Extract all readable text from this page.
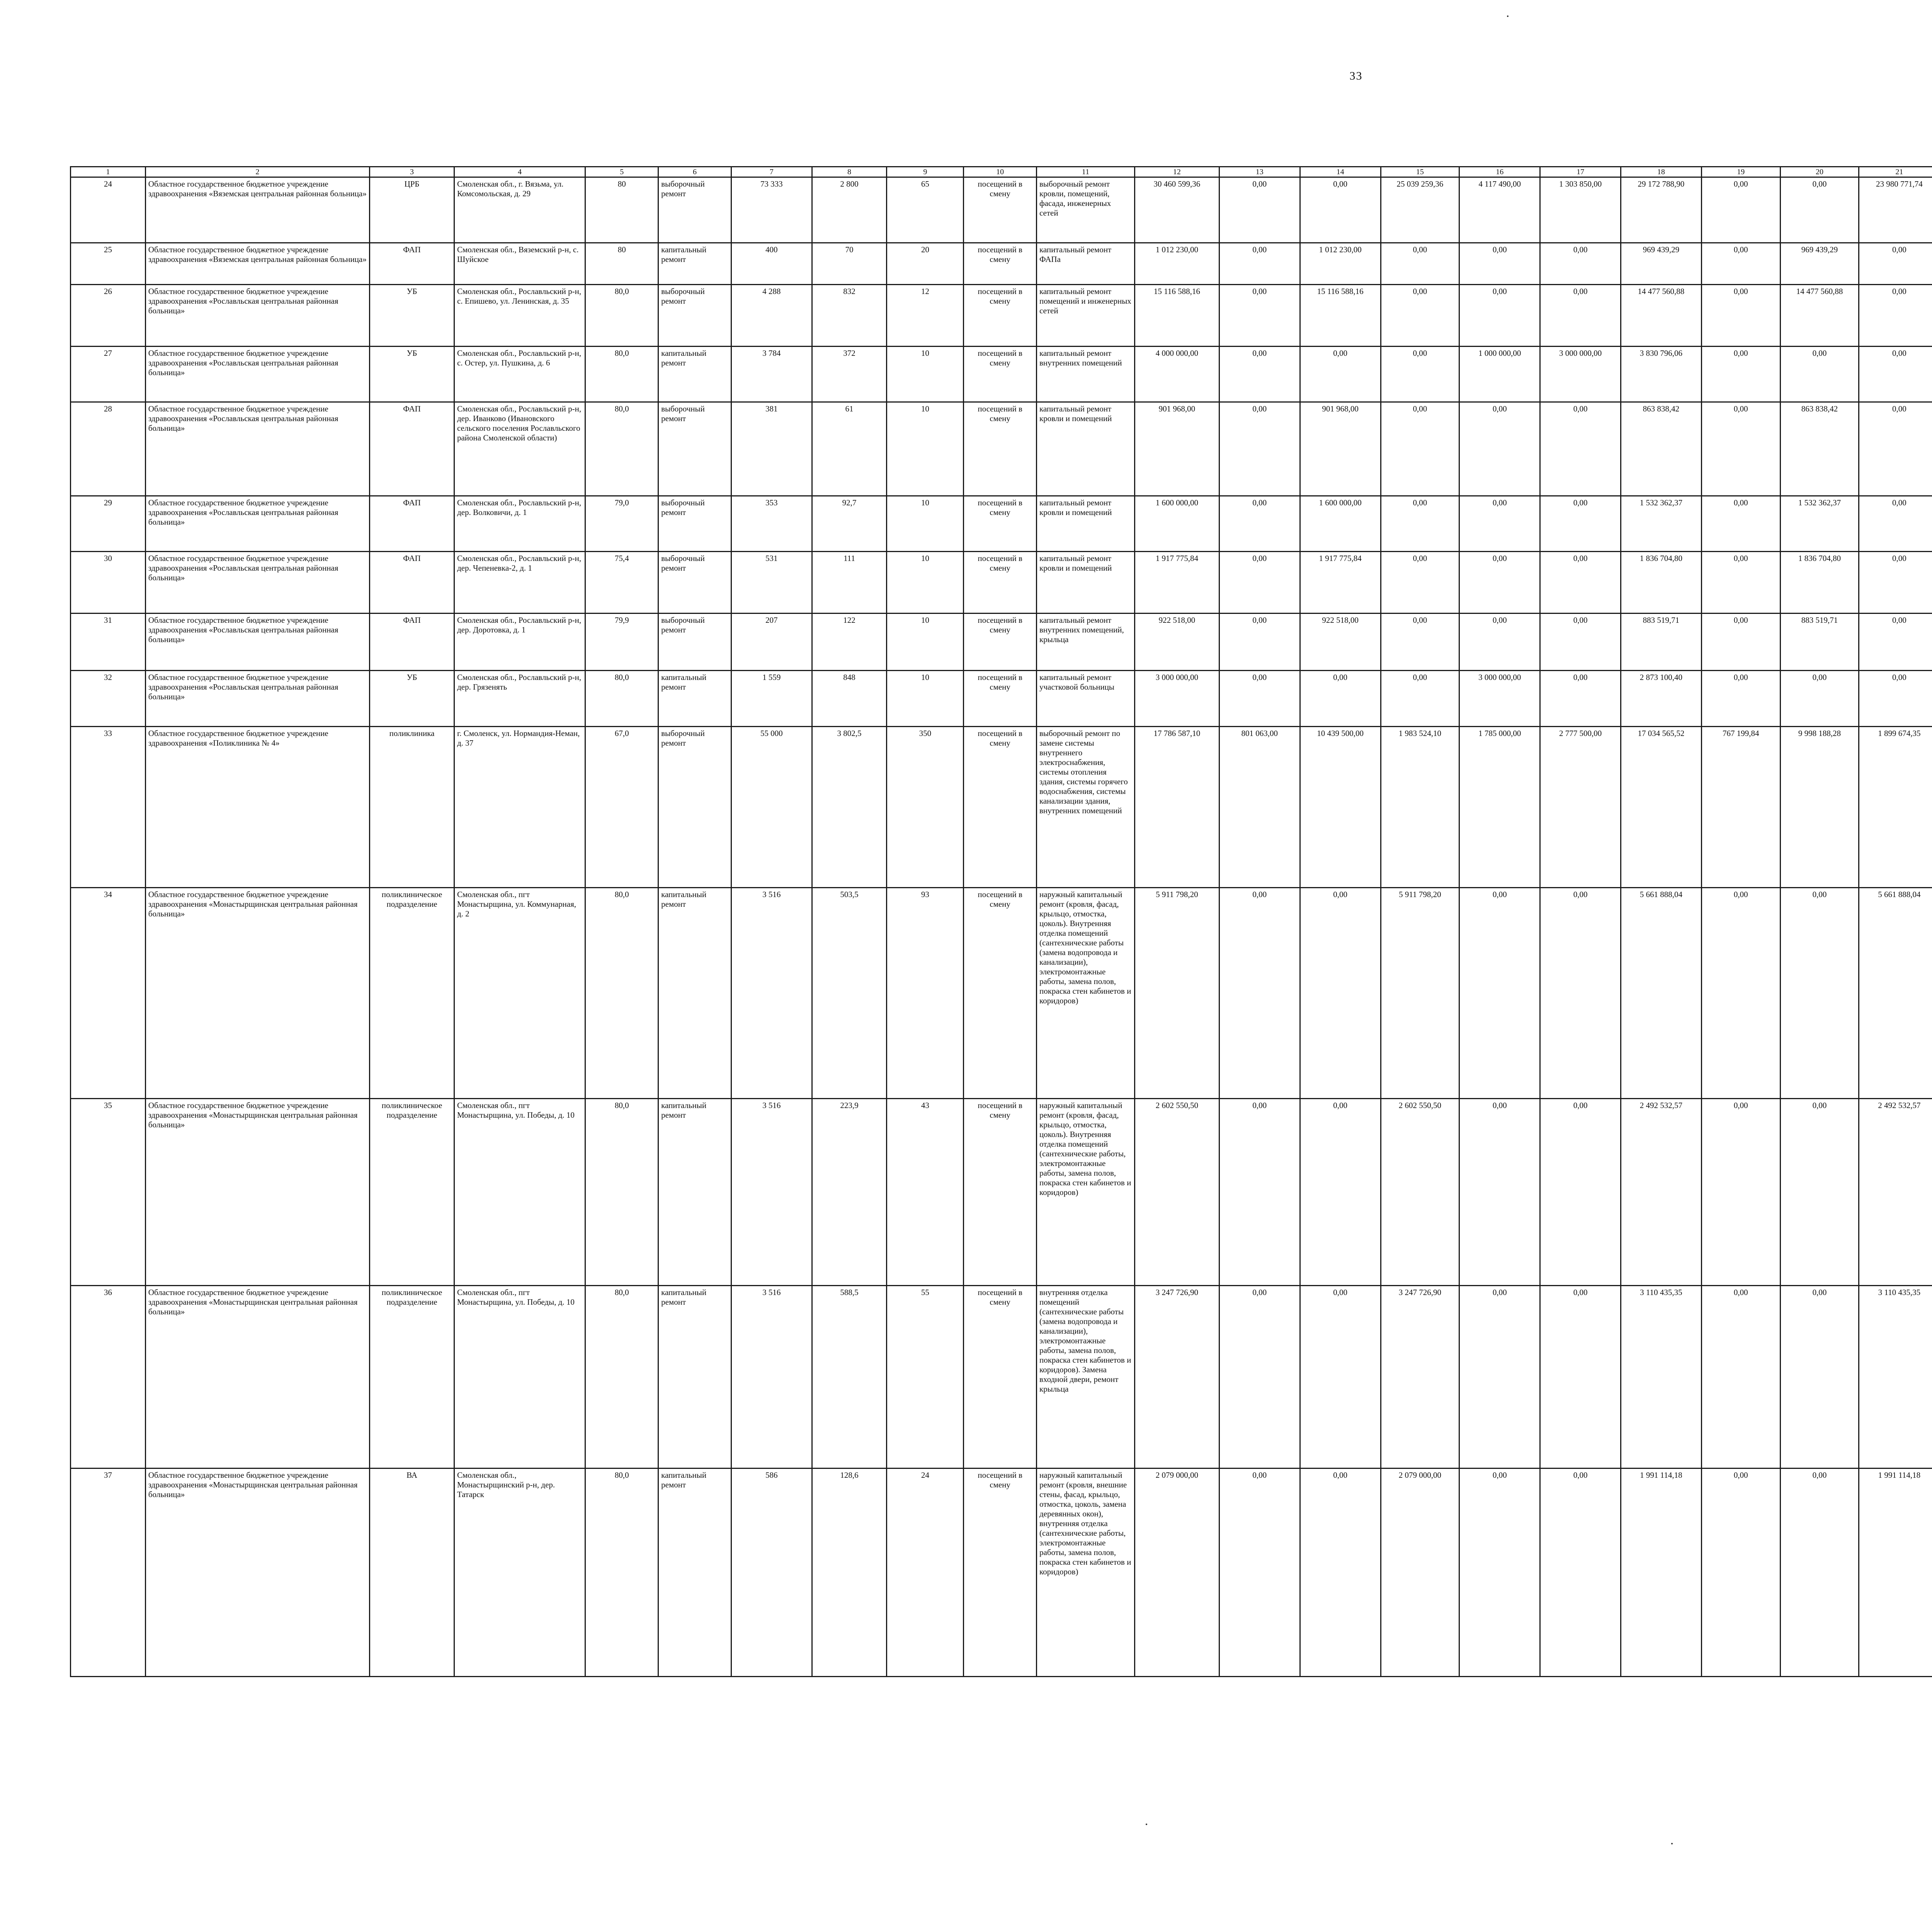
33
1	2	3	4	5	6	7	8	9	10	11	12	13	14	15	16	17	18	19	20	21									
24	Областное государственное бюджетное учреждение здравоохранения «Вяземская центральная районная больница»	ЦРБ	Смоленская обл., г. Вязьма, ул. Комсомольская, д. 29	80	выборочный ремонт	73 333	2 800	65	посещений в смену	выборочный ремонт кровли, помещений, фасада, инженерных сетей	30 460 599,36	0,00	0,00	25 039 259,36	4 117 490,00	1 303 850,00	29 172 788,90	0,00	0,00	23 980 771,74									
25	Областное государственное бюджетное учреждение здравоохранения «Вяземская центральная районная больница»	ФАП	Смоленская обл., Вяземский р-н, с. Шуйское	80	капитальный ремонт	400	70	20	посещений в смену	капитальный ремонт ФАПа	1 012 230,00	0,00	1 012 230,00	0,00	0,00	0,00	969 439,29	0,00	969 439,29	0,00									
26	Областное государственное бюджетное учреждение здравоохранения «Рославльская центральная районная больница»	УБ	Смоленская обл., Рославльский р-н, с. Епишево, ул. Ленинская, д. 35	80,0	выборочный ремонт	4 288	832	12	посещений в смену	капитальный ремонт помещений и инженерных сетей	15 116 588,16	0,00	15 116 588,16	0,00	0,00	0,00	14 477 560,88	0,00	14 477 560,88	0,00									
27	Областное государственное бюджетное учреждение здравоохранения «Рославльская центральная районная больница»	УБ	Смоленская обл., Рославльский р-н, с. Остер, ул. Пушкина, д. 6	80,0	капитальный ремонт	3 784	372	10	посещений в смену	капитальный ремонт внутренних помещений	4 000 000,00	0,00	0,00	0,00	1 000 000,00	3 000 000,00	3 830 796,06	0,00	0,00	0,00									
28	Областное государственное бюджетное учреждение здравоохранения «Рославльская центральная районная больница»	ФАП	Смоленская обл., Рославльский р-н, дер. Иванково (Ивановского сельского поселения Рославльского района Смоленской области)	80,0	выборочный ремонт	381	61	10	посещений в смену	капитальный ремонт кровли и помещений	901 968,00	0,00	901 968,00	0,00	0,00	0,00	863 838,42	0,00	863 838,42	0,00									
29	Областное государственное бюджетное учреждение здравоохранения «Рославльская центральная районная больница»	ФАП	Смоленская обл., Рославльский р-н, дер. Волковичи, д. 1	79,0	выборочный ремонт	353	92,7	10	посещений в смену	капитальный ремонт кровли и помещений	1 600 000,00	0,00	1 600 000,00	0,00	0,00	0,00	1 532 362,37	0,00	1 532 362,37	0,00									
30	Областное государственное бюджетное учреждение здравоохранения «Рославльская центральная районная больница»	ФАП	Смоленская обл., Рославльский р-н, дер. Чепеневка-2, д. 1	75,4	выборочный ремонт	531	111	10	посещений в смену	капитальный ремонт кровли и помещений	1 917 775,84	0,00	1 917 775,84	0,00	0,00	0,00	1 836 704,80	0,00	1 836 704,80	0,00									
31	Областное государственное бюджетное учреждение здравоохранения «Рославльская центральная районная больница»	ФАП	Смоленская обл., Рославльский р-н, дер. Доротовка, д. 1	79,9	выборочный ремонт	207	122	10	посещений в смену	капитальный ремонт внутренних помещений, крыльца	922 518,00	0,00	922 518,00	0,00	0,00	0,00	883 519,71	0,00	883 519,71	0,00									
32	Областное государственное бюджетное учреждение здравоохранения «Рославльская центральная районная больница»	УБ	Смоленская обл., Рославльский р-н, дер. Грязенять	80,0	капитальный ремонт	1 559	848	10	посещений в смену	капитальный ремонт участковой больницы	3 000 000,00	0,00	0,00	0,00	3 000 000,00	0,00	2 873 100,40	0,00	0,00	0,00									
33	Областное государственное бюджетное учреждение здравоохранения «Поликлиника № 4»	поликлиника	г. Смоленск, ул. Нормандия-Неман, д. 37	67,0	выборочный ремонт	55 000	3 802,5	350	посещений в смену	выборочный ремонт по замене системы внутреннего электроснабжения, системы отопления здания, системы горячего водоснабжения, системы канализации здания, внутренних помещений	17 786 587,10	801 063,00	10 439 500,00	1 983 524,10	1 785 000,00	2 777 500,00	17 034 565,52	767 199,84	9 998 188,28	1 899 674,35									
34	Областное государственное бюджетное учреждение здравоохранения «Монастырщинская центральная районная больница»	поликлиническое подразделение	Смоленская обл., пгт Монастырщина, ул. Коммунарная, д. 2	80,0	капитальный ремонт	3 516	503,5	93	посещений в смену	наружный капитальный ремонт (кровля, фасад, крыльцо, отмостка, цоколь). Внутренняя отделка помещений (сантехнические работы (замена водопровода и канализации), электромонтажные работы, замена полов, покраска стен кабинетов и коридоров)	5 911 798,20	0,00	0,00	5 911 798,20	0,00	0,00	5 661 888,04	0,00	0,00	5 661 888,04									
35	Областное государственное бюджетное учреждение здравоохранения «Монастырщинская центральная районная больница»	поликлиническое подразделение	Смоленская обл., пгт Монастырщина, ул. Победы, д. 10	80,0	капитальный ремонт	3 516	223,9	43	посещений в смену	наружный капитальный ремонт (кровля, фасад, крыльцо, отмостка, цоколь). Внутренняя отделка помещений (сантехнические работы, электромонтажные работы, замена полов, покраска стен кабинетов и коридоров)	2 602 550,50	0,00	0,00	2 602 550,50	0,00	0,00	2 492 532,57	0,00	0,00	2 492 532,57									
36	Областное государственное бюджетное учреждение здравоохранения «Монастырщинская центральная районная больница»	поликлиническое подразделение	Смоленская обл., пгт Монастырщина, ул. Победы, д. 10	80,0	капитальный ремонт	3 516	588,5	55	посещений в смену	внутренняя отделка помещений (сантехнические работы (замена водопровода и канализации), электромонтажные работы, замена полов, покраска стен кабинетов и коридоров). Замена входной двери, ремонт крыльца	3 247 726,90	0,00	0,00	3 247 726,90	0,00	0,00	3 110 435,35	0,00	0,00	3 110 435,35									
37	Областное государственное бюджетное учреждение здравоохранения «Монастырщинская центральная районная больница»	ВА	Смоленская обл., Монастырщинский р-н, дер. Татарск	80,0	капитальный ремонт	586	128,6	24	посещений в смену	наружный капитальный ремонт (кровля, внешние стены, фасад, крыльцо, отмостка, цоколь, замена деревянных окон), внутренняя отделка (сантехнические работы, электромонтажные работы, замена полов, покраска стен кабинетов и коридоров)	2 079 000,00	0,00	0,00	2 079 000,00	0,00	0,00	1 991 114,18	0,00	0,00	1 991 114,18									
